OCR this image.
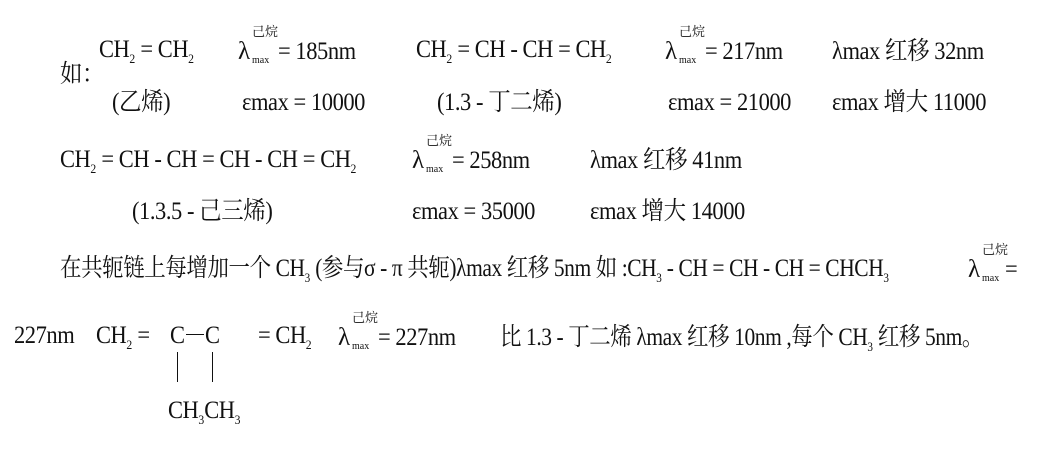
如：
$CH_2 = CH_2$
(乙烯)
λ
己烷
max = 185nm
εmax = 10000
$CH_2$ = CH - CH = $CH_2$
(1.3 - 丁二烯)
λ
己烷
max = 217nm
εmax = 21000
λmax 红移 32nm
εmax 增大 11000
$CH_2$ = CH - CH = CH - CH = $CH_2$
(1.3.5 - 己三烯)
λ
己烷
max = 258nm
εmax = 35000
λmax 红移 41nm
εmax 增大 14000
在共轭链上每增加一个 $CH_3$ (参与σ - π 共轭)λmax 红移 5nm 如 $:CH_3$ - CH = CH - CH = $CHCH_3$	λ
己烷
max =
227nm $CH_2 = C$ $C = CH_2$
$CH_3CH_3$
λ
己烷
max = 227nm 比 1.3 - 丁二烯 λmax 红移 10nm ,每个 $CH_3$ 红移 5nm。
